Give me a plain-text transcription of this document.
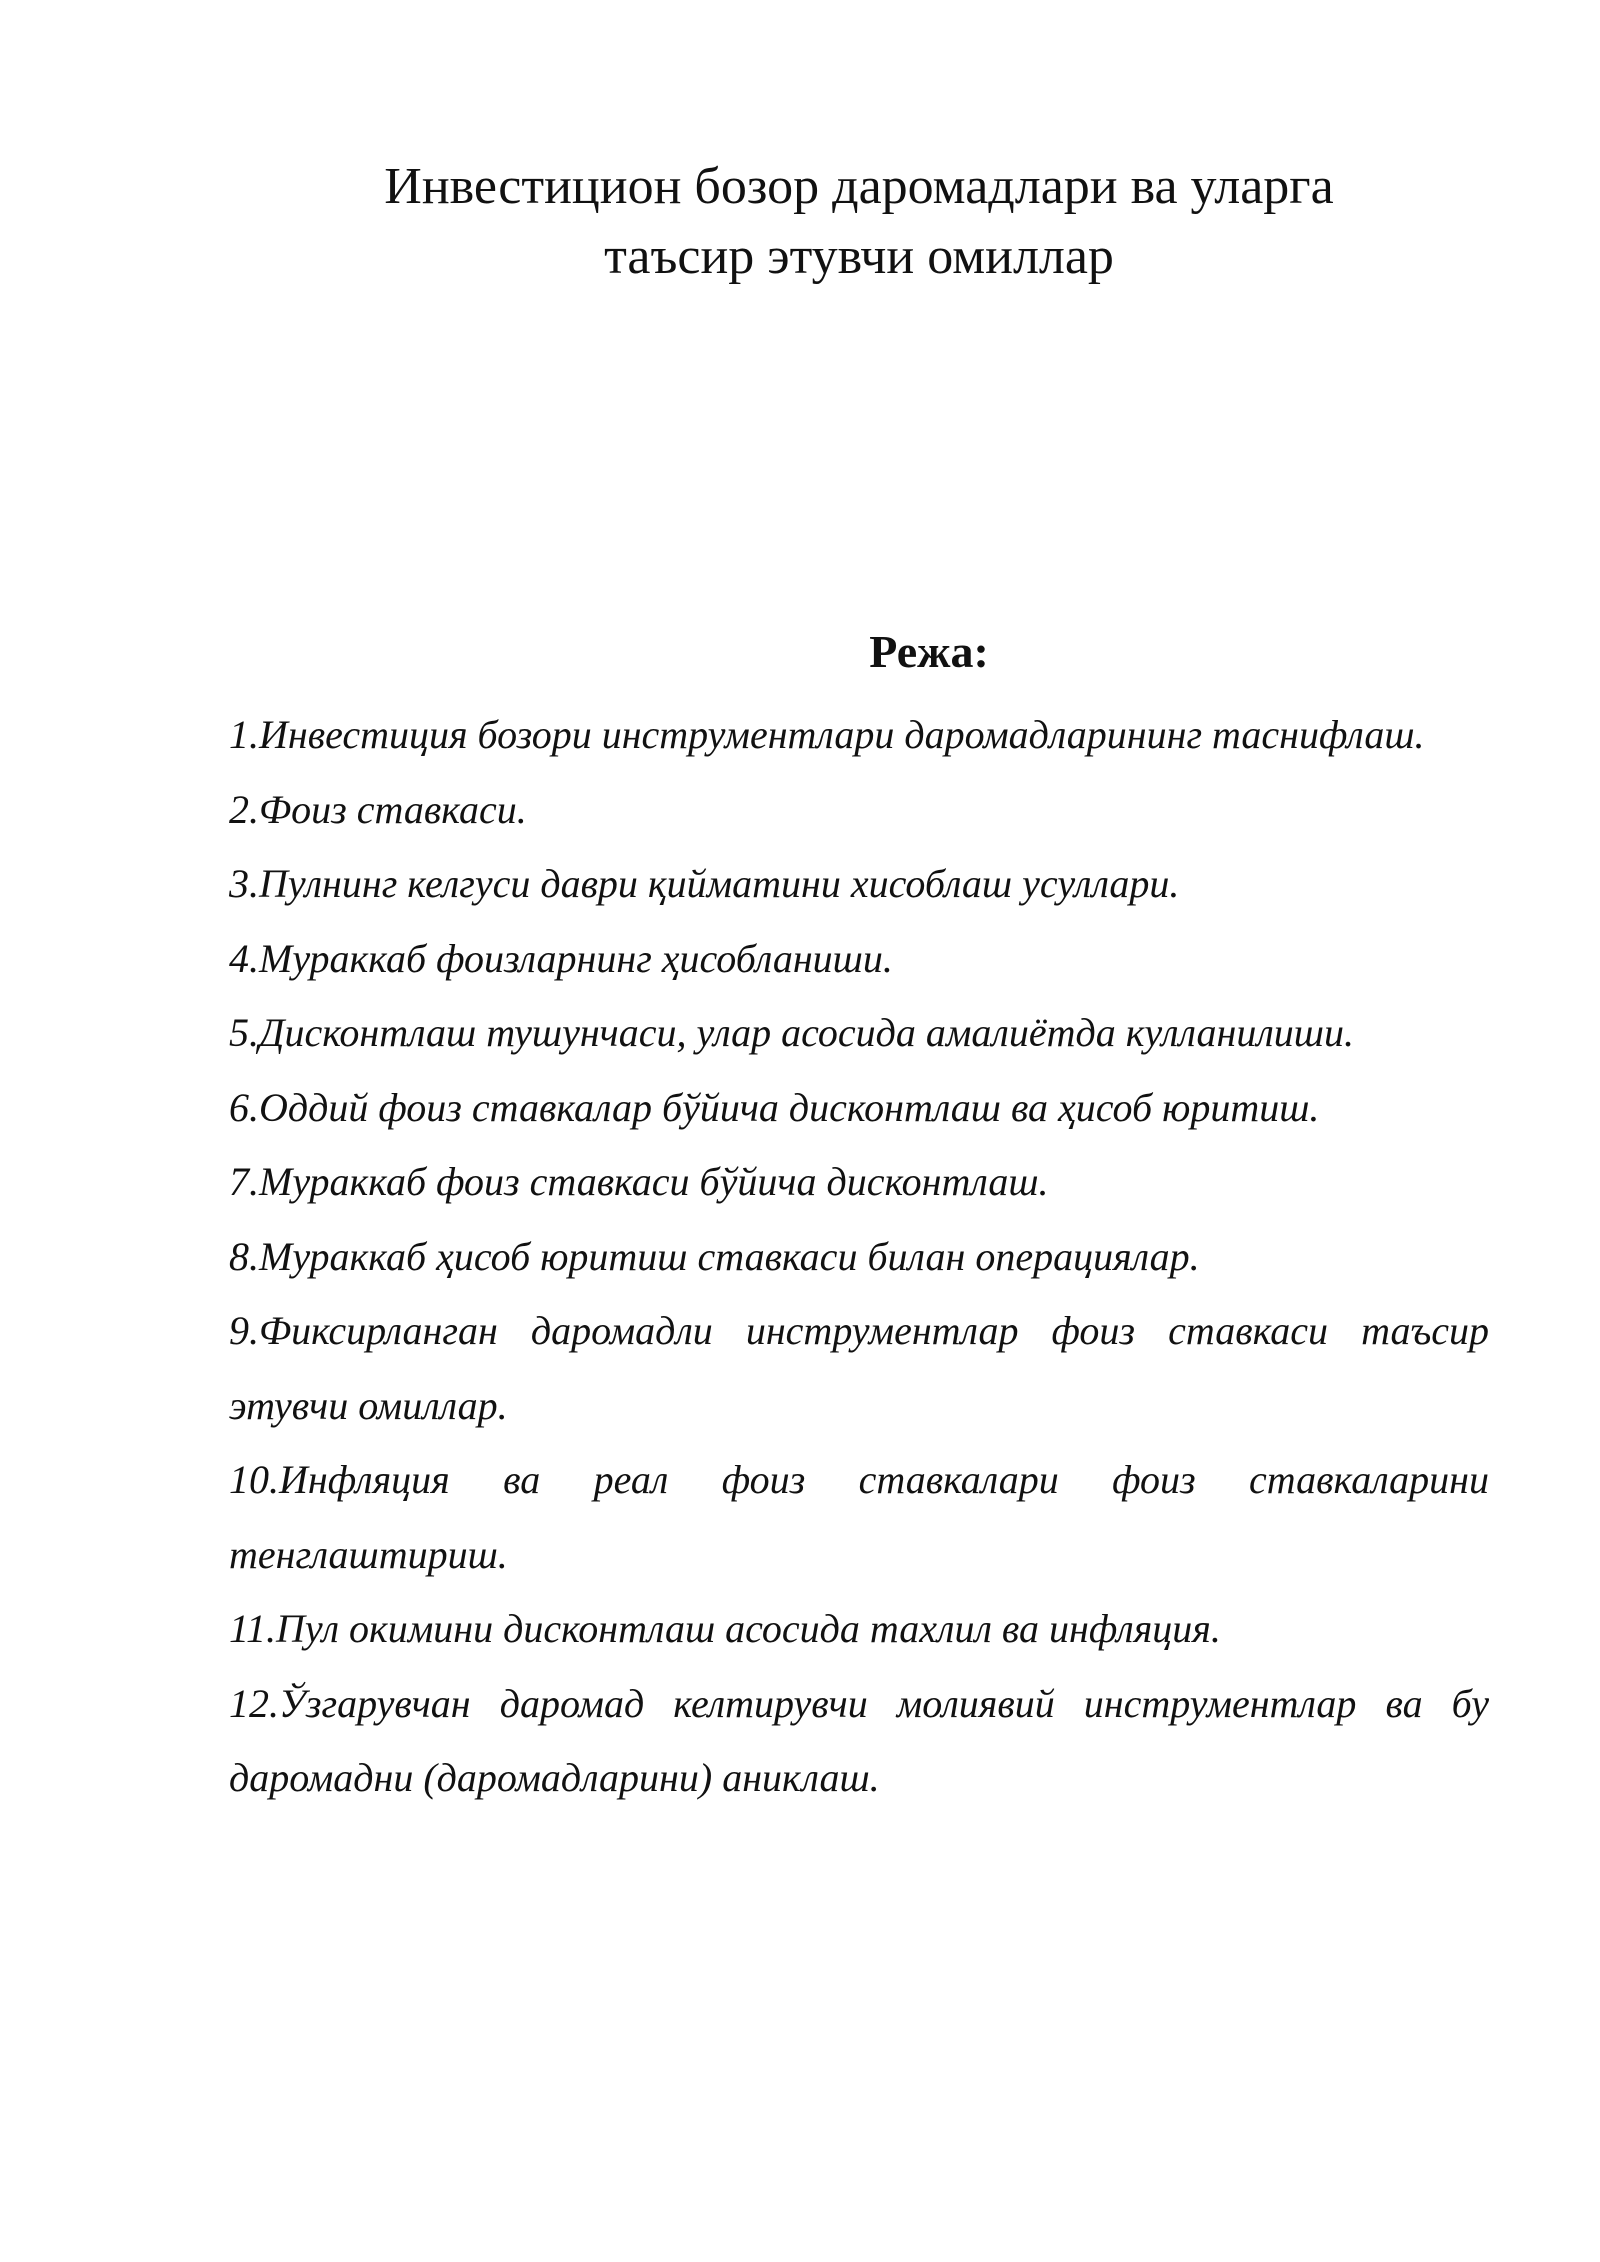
Инвестицион бозор даромадлари ва уларга
таъсир этувчи омиллар
Режа:
1.Инвестиция бозори инструментлари даромадларининг таснифлаш.
2.Фоиз ставкаси.
3.Пулнинг келгуси даври қийматини хисоблаш усуллари.
4.Мураккаб фоизларнинг ҳисобланиши.
5.Дисконтлаш тушунчаси, улар асосида амалиётда кулланилиши.
6.Оддий фоиз ставкалар бўйича дисконтлаш ва ҳисоб юритиш.
7.Мураккаб фоиз ставкаси бўйича дисконтлаш.
8.Мураккаб ҳисоб юритиш ставкаси билан операциялар.
9.Фиксирланган даромадли инструментлар фоиз ставкаси таъсир этувчи омиллар.
10.Инфляция ва реал фоиз ставкалари фоиз ставкаларини тенглаштириш.
11.Пул окимини дисконтлаш асосида тахлил ва инфляция.
12.Ўзгарувчан даромад келтирувчи молиявий инструментлар ва бу даромадни (даромадларини) аниклаш.
